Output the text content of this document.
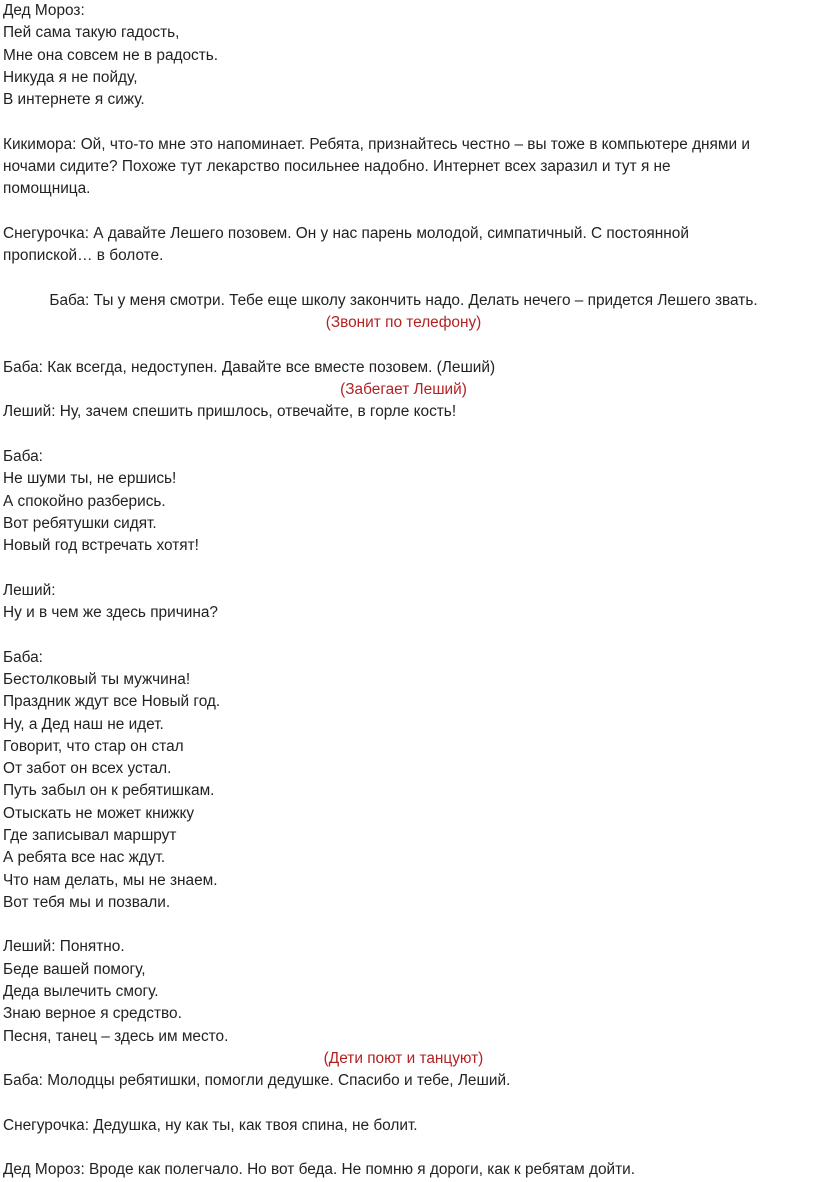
Дед Мороз:
Пей сама такую гадость,
Мне она совсем не в радость.
Никуда я не пойду,
В интернете я сижу.
Кикимора: Ой, что-то мне это напоминает. Ребята, признайтесь честно – вы тоже в компьютере днями и
ночами сидите? Похоже тут лекарство посильнее надобно. Интернет всех заразил и тут я не
помощница.
Снегурочка: А давайте Лешего позовем. Он у нас парень молодой, симпатичный. С постоянной
пропиской… в болоте.
Баба: Ты у меня смотри. Тебе еще школу закончить надо. Делать нечего – придется Лешего звать.
(Звонит по телефону)
Баба: Как всегда, недоступен. Давайте все вместе позовем. (Леший)
(Забегает Леший)
Леший: Ну, зачем спешить пришлось, отвечайте, в горле кость!
Баба:
Не шуми ты, не ершись!
А спокойно разберись.
Вот ребятушки сидят.
Новый год встречать хотят!
Леший:
Ну и в чем же здесь причина?
Баба:
Бестолковый ты мужчина!
Праздник ждут все Новый год.
Ну, а Дед наш не идет.
Говорит, что стар он стал
От забот он всех устал.
Путь забыл он к ребятишкам.
Отыскать не может книжку
Где записывал маршрут
А ребята все нас ждут.
Что нам делать, мы не знаем.
Вот тебя мы и позвали.
Леший: Понятно.
Беде вашей помогу,
Деда вылечить смогу.
Знаю верное я средство.
Песня, танец – здесь им место.
(Дети поют и танцуют)
Баба: Молодцы ребятишки, помогли дедушке. Спасибо и тебе, Леший.
Снегурочка: Дедушка, ну как ты, как твоя спина, не болит.
Дед Мороз: Вроде как полегчало. Но вот беда. Не помню я дороги, как к ребятам дойти.
